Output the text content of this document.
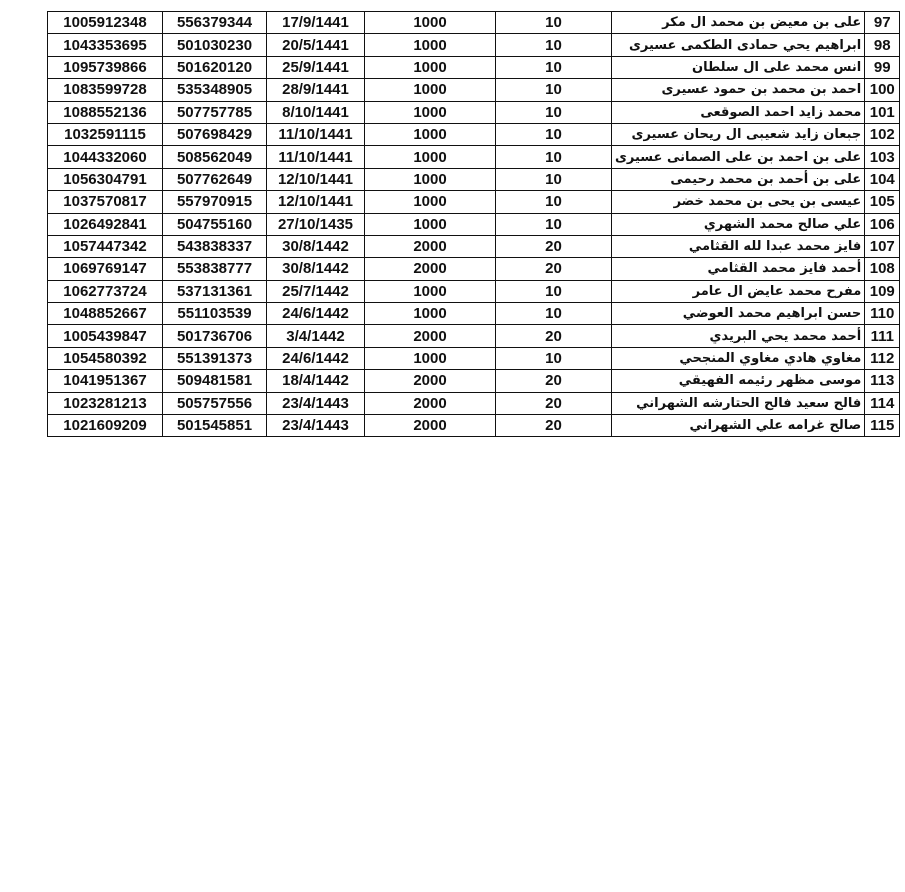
1005912348	556379344	17/9/1441	1000	10	على بن معيض بن محمد ال مكر	97
1043353695	501030230	20/5/1441	1000	10	ابراهيم يحي حمادى الطكمى عسيرى	98
1095739866	501620120	25/9/1441	1000	10	انس محمد على ال سلطان	99
1083599728	535348905	28/9/1441	1000	10	احمد بن محمد بن حمود عسيرى	100
1088552136	507757785	8/10/1441	1000	10	محمد زايد احمد الصوقعى	101
1032591115	507698429	11/10/1441	1000	10	جبعان زايد شعيبى ال ريحان عسيرى	102
1044332060	508562049	11/10/1441	1000	10	على بن احمد بن على الصمانى عسيرى	103
1056304791	507762649	12/10/1441	1000	10	على بن أحمد بن محمد رحيمى	104
1037570817	557970915	12/10/1441	1000	10	عيسى بن يحى بن محمد خضر	105
1026492841	504755160	27/10/1435	1000	10	علي صالح محمد الشهري	106
1057447342	543838337	30/8/1442	2000	20	فايز محمد عبدا لله القثامي	107
1069769147	553838777	30/8/1442	2000	20	أحمد فايز محمد القثامي	108
1062773724	537131361	25/7/1442	1000	10	مفرح محمد عايض ال عامر	109
1048852667	551103539	24/6/1442	1000	10	حسن ابراهيم محمد العوضي	110
1005439847	501736706	3/4/1442	2000	20	أحمد محمد يحي البريدي	111
1054580392	551391373	24/6/1442	1000	10	مغاوي هادي مغاوي المنجحي	112
1041951367	509481581	18/4/1442	2000	20	موسى مظهر رئيمه الفهيقي	113
1023281213	505757556	23/4/1443	2000	20	فالح سعيد فالح الحتارشه الشهراني	114
1021609209	501545851	23/4/1443	2000	20	صالح غرامه علي الشهراني	115
